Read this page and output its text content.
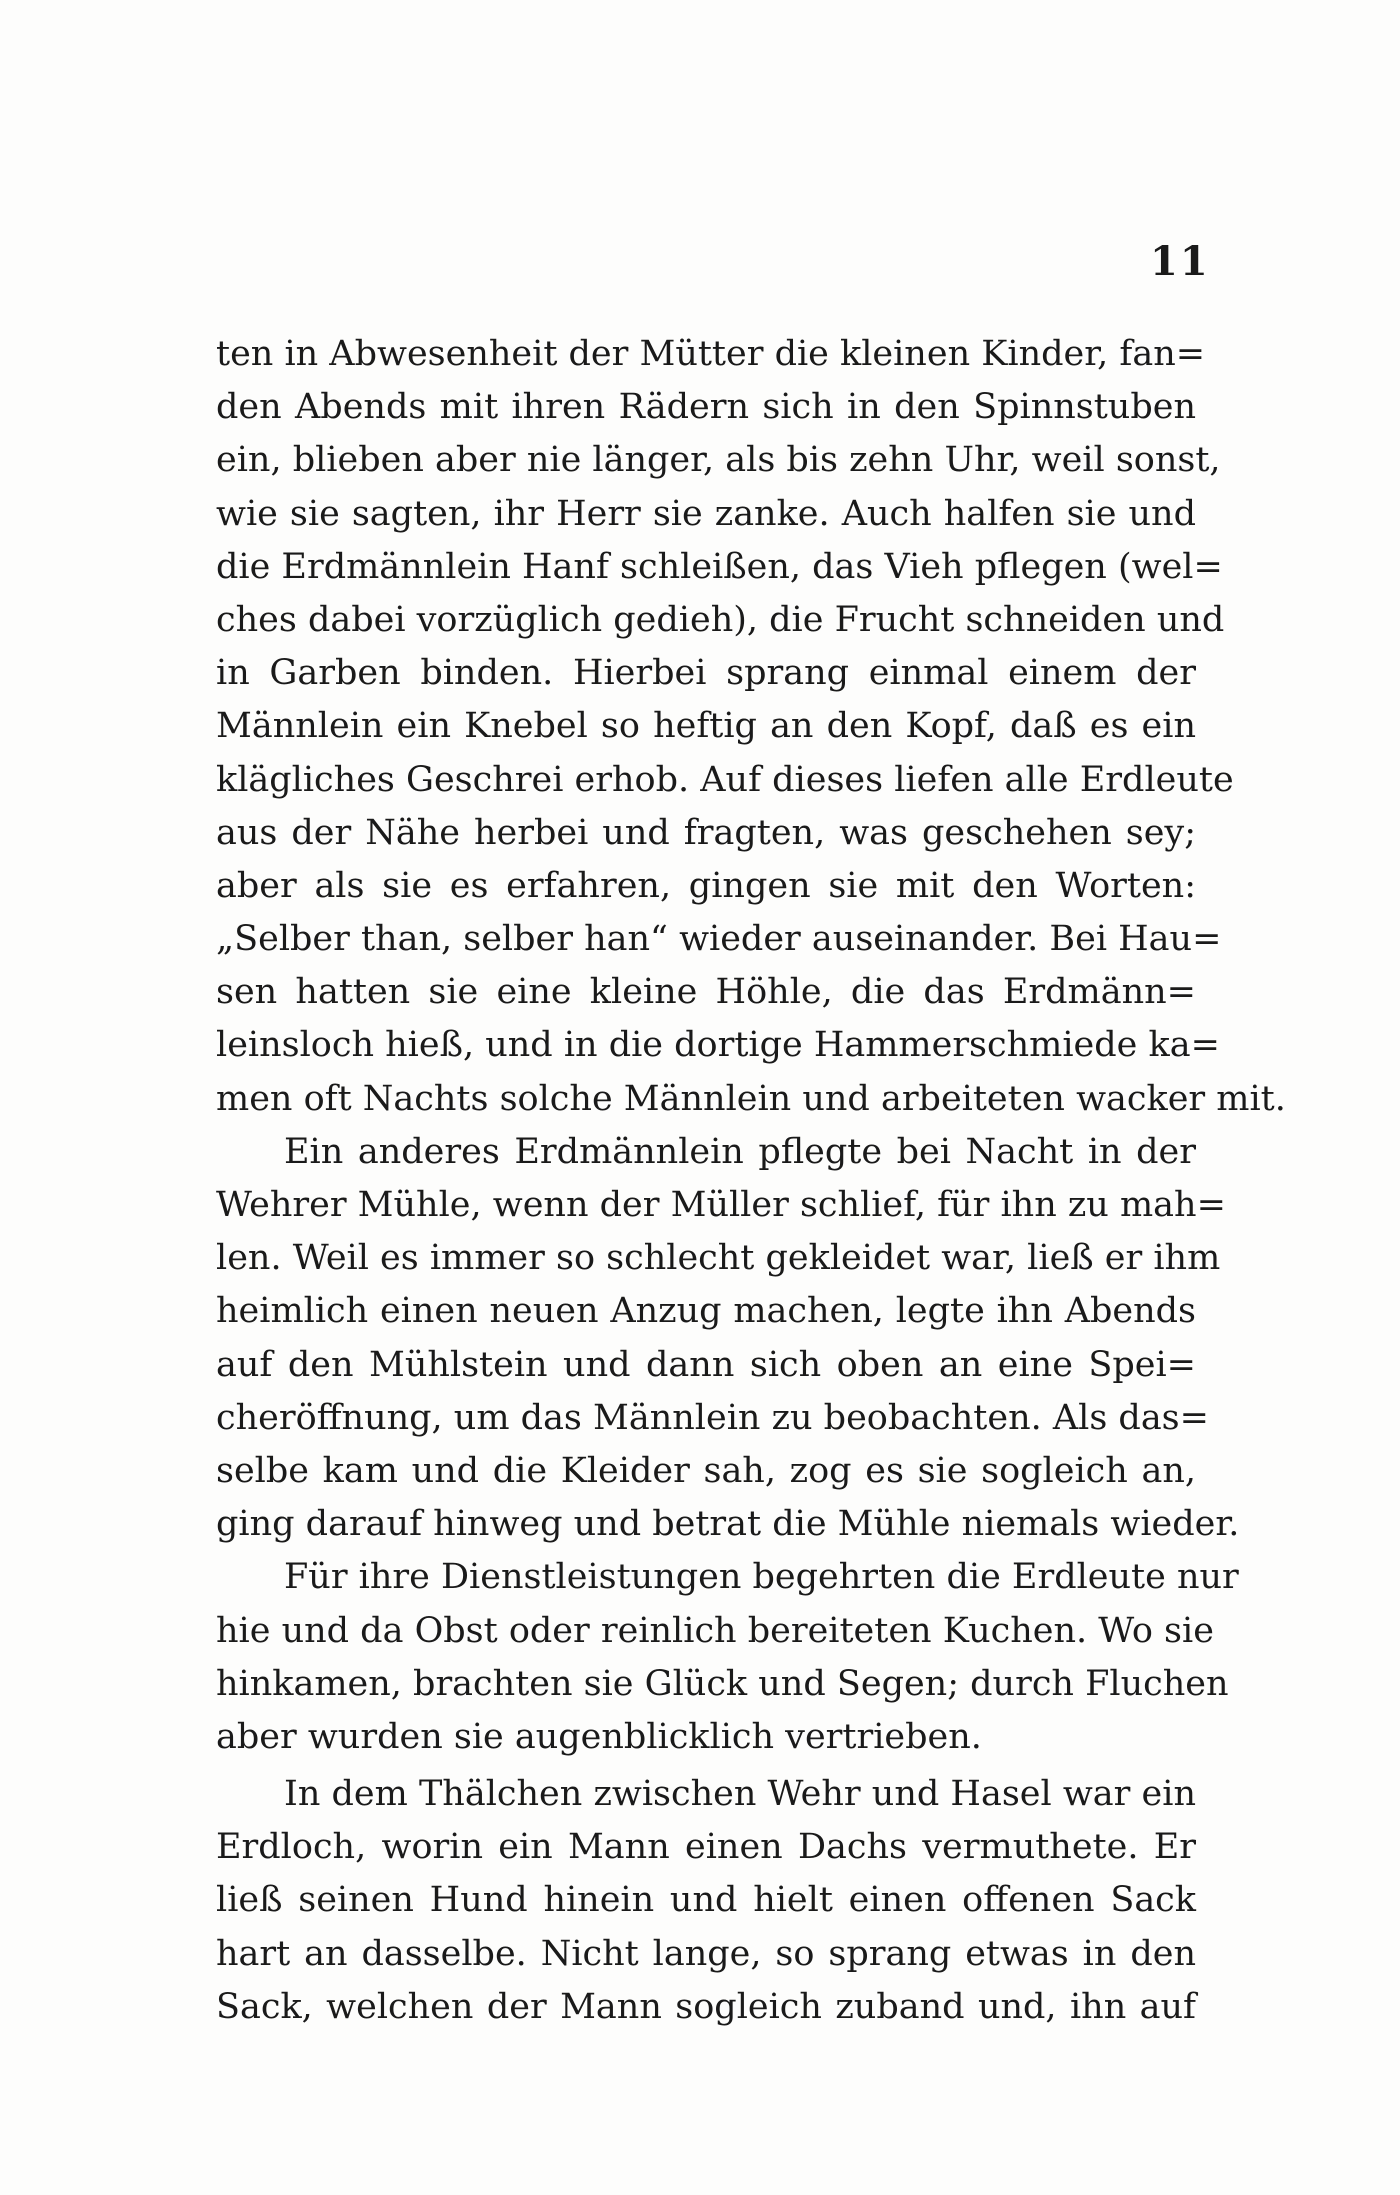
11
ten in Abwesenheit der Mütter die kleinen Kinder, fan=
den Abends mit ihren Rädern sich in den Spinnstuben
ein, blieben aber nie länger, als bis zehn Uhr, weil sonst,
wie sie sagten, ihr Herr sie zanke. Auch halfen sie und
die Erdmännlein Hanf schleißen, das Vieh pflegen (wel=
ches dabei vorzüglich gedieh), die Frucht schneiden und
in Garben binden. Hierbei sprang einmal einem der
Männlein ein Knebel so heftig an den Kopf, daß es ein
klägliches Geschrei erhob. Auf dieses liefen alle Erdleute
aus der Nähe herbei und fragten, was geschehen sey;
aber als sie es erfahren, gingen sie mit den Worten:
„Selber than, selber han“ wieder auseinander. Bei Hau=
sen hatten sie eine kleine Höhle, die das Erdmänn=
leinsloch hieß, und in die dortige Hammerschmiede ka=
men oft Nachts solche Männlein und arbeiteten wacker mit.
Ein anderes Erdmännlein pflegte bei Nacht in der
Wehrer Mühle, wenn der Müller schlief, für ihn zu mah=
len. Weil es immer so schlecht gekleidet war, ließ er ihm
heimlich einen neuen Anzug machen, legte ihn Abends
auf den Mühlstein und dann sich oben an eine Spei=
cheröffnung, um das Männlein zu beobachten. Als das=
selbe kam und die Kleider sah, zog es sie sogleich an,
ging darauf hinweg und betrat die Mühle niemals wieder.
Für ihre Dienstleistungen begehrten die Erdleute nur
hie und da Obst oder reinlich bereiteten Kuchen. Wo sie
hinkamen, brachten sie Glück und Segen; durch Fluchen
aber wurden sie augenblicklich vertrieben.
In dem Thälchen zwischen Wehr und Hasel war ein
Erdloch, worin ein Mann einen Dachs vermuthete. Er
ließ seinen Hund hinein und hielt einen offenen Sack
hart an dasselbe. Nicht lange, so sprang etwas in den
Sack, welchen der Mann sogleich zuband und, ihn auf
